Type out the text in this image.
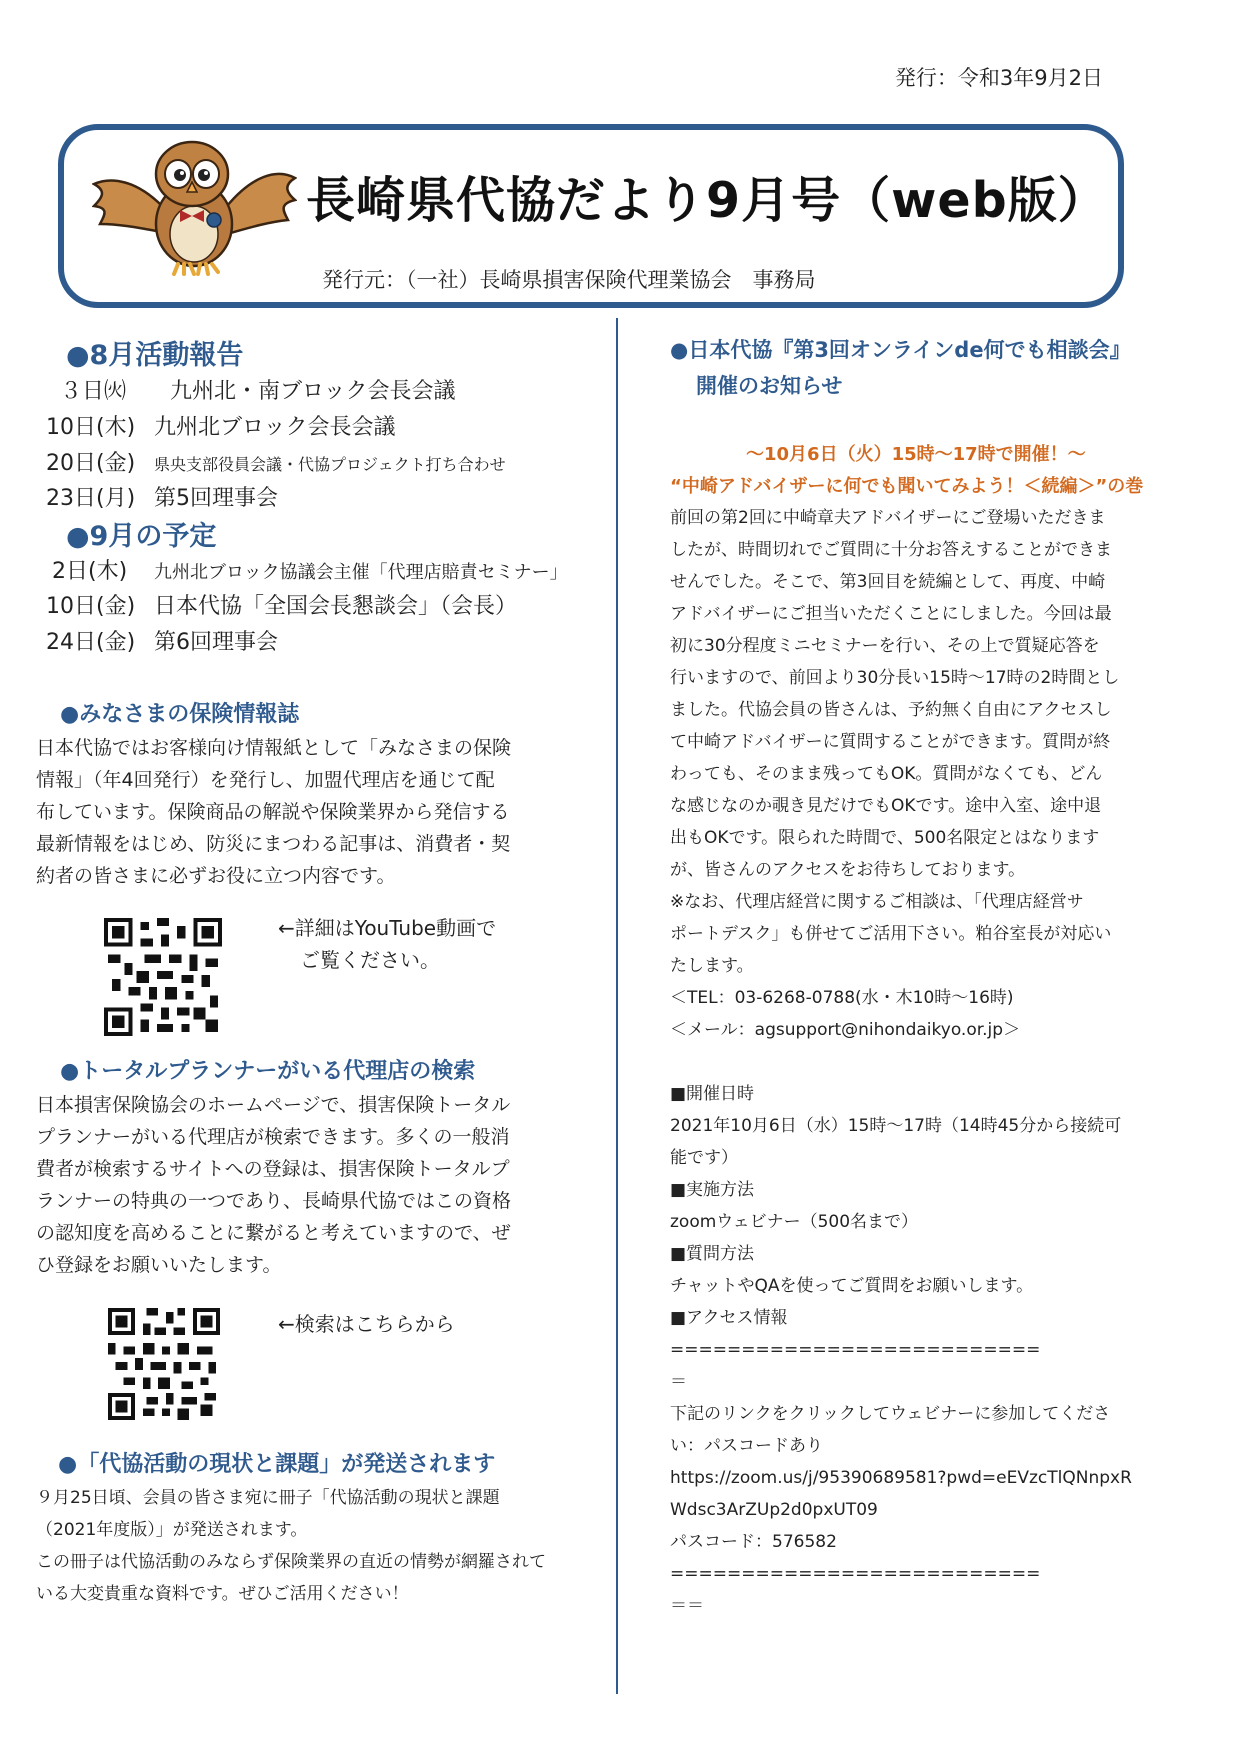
発行：令和3年9月2日
長崎県代協だより9月号（web版）
発行元：（一社）長崎県損害保険代理業協会　事務局
●8月活動報告
３日㈫ 九州北・南ブロック会長会議
10日(木) 九州北ブロック会長会議
20日(金) 県央支部役員会議・代協プロジェクト打ち合わせ
23日(月) 第5回理事会
●9月の予定
2日(木) 九州北ブロック協議会主催「代理店賠責セミナー」
10日(金) 日本代協「全国会長懇談会」（会長）
24日(金) 第6回理事会
●みなさまの保険情報誌
日本代協ではお客様向け情報紙として「みなさまの保険
情報」（年4回発行）を発行し、加盟代理店を通じて配
布しています。保険商品の解説や保険業界から発信する
最新情報をはじめ、防災にまつわる記事は、消費者・契
約者の皆さまに必ずお役に立つ内容です。
←詳細はYouTube動画で
ご覧ください。
●トータルプランナーがいる代理店の検索
日本損害保険協会のホームページで、損害保険トータル
プランナーがいる代理店が検索できます。多くの一般消
費者が検索するサイトへの登録は、損害保険トータルプ
ランナーの特典の一つであり、長崎県代協ではこの資格
の認知度を高めることに繋がると考えていますので、ぜ
ひ登録をお願いいたします。
←検索はこちらから
●「代協活動の現状と課題」が発送されます
９月25日頃、会員の皆さま宛に冊子「代協活動の現状と課題
（2021年度版）」が発送されます。
この冊子は代協活動のみならず保険業界の直近の情勢が網羅されて
いる大変貴重な資料です。ぜひご活用ください！
●日本代協『第3回オンラインde何でも相談会』
開催のお知らせ
～10月6日（火）15時～17時で開催！～
“中崎アドバイザーに何でも聞いてみよう！＜続編＞”の巻
前回の第2回に中崎章夫アドバイザーにご登場いただきま
したが、時間切れでご質問に十分お答えすることができま
せんでした。そこで、第3回目を続編として、再度、中崎
アドバイザーにご担当いただくことにしました。今回は最
初に30分程度ミニセミナーを行い、その上で質疑応答を
行いますので、前回より30分長い15時～17時の2時間とし
ました。代協会員の皆さんは、予約無く自由にアクセスし
て中崎アドバイザーに質問することができます。質問が終
わっても、そのまま残ってもOK。質問がなくても、どん
な感じなのか覗き見だけでもOKです。途中入室、途中退
出もOKです。限られた時間で、500名限定とはなります
が、皆さんのアクセスをお待ちしております。
※なお、代理店経営に関するご相談は、「代理店経営サ
ポートデスク」も併せてご活用下さい。粕谷室長が対応い
たします。
＜TEL：03-6268-0788(水・木10時～16時)
＜メール：agsupport@nihondaikyo.or.jp＞
■開催日時
2021年10月6日（水）15時～17時（14時45分から接続可
能です）
■実施方法
zoomウェビナー（500名まで）
■質問方法
チャットやQAを使ってご質問をお願いします。
■アクセス情報
==========================
＝
下記のリンクをクリックしてウェビナーに参加してくださ
い：パスコードあり
https://zoom.us/j/95390689581?pwd=eEVzcTlQNnpxR
Wdsc3ArZUp2d0pxUT09
パスコード：576582
==========================
＝＝
